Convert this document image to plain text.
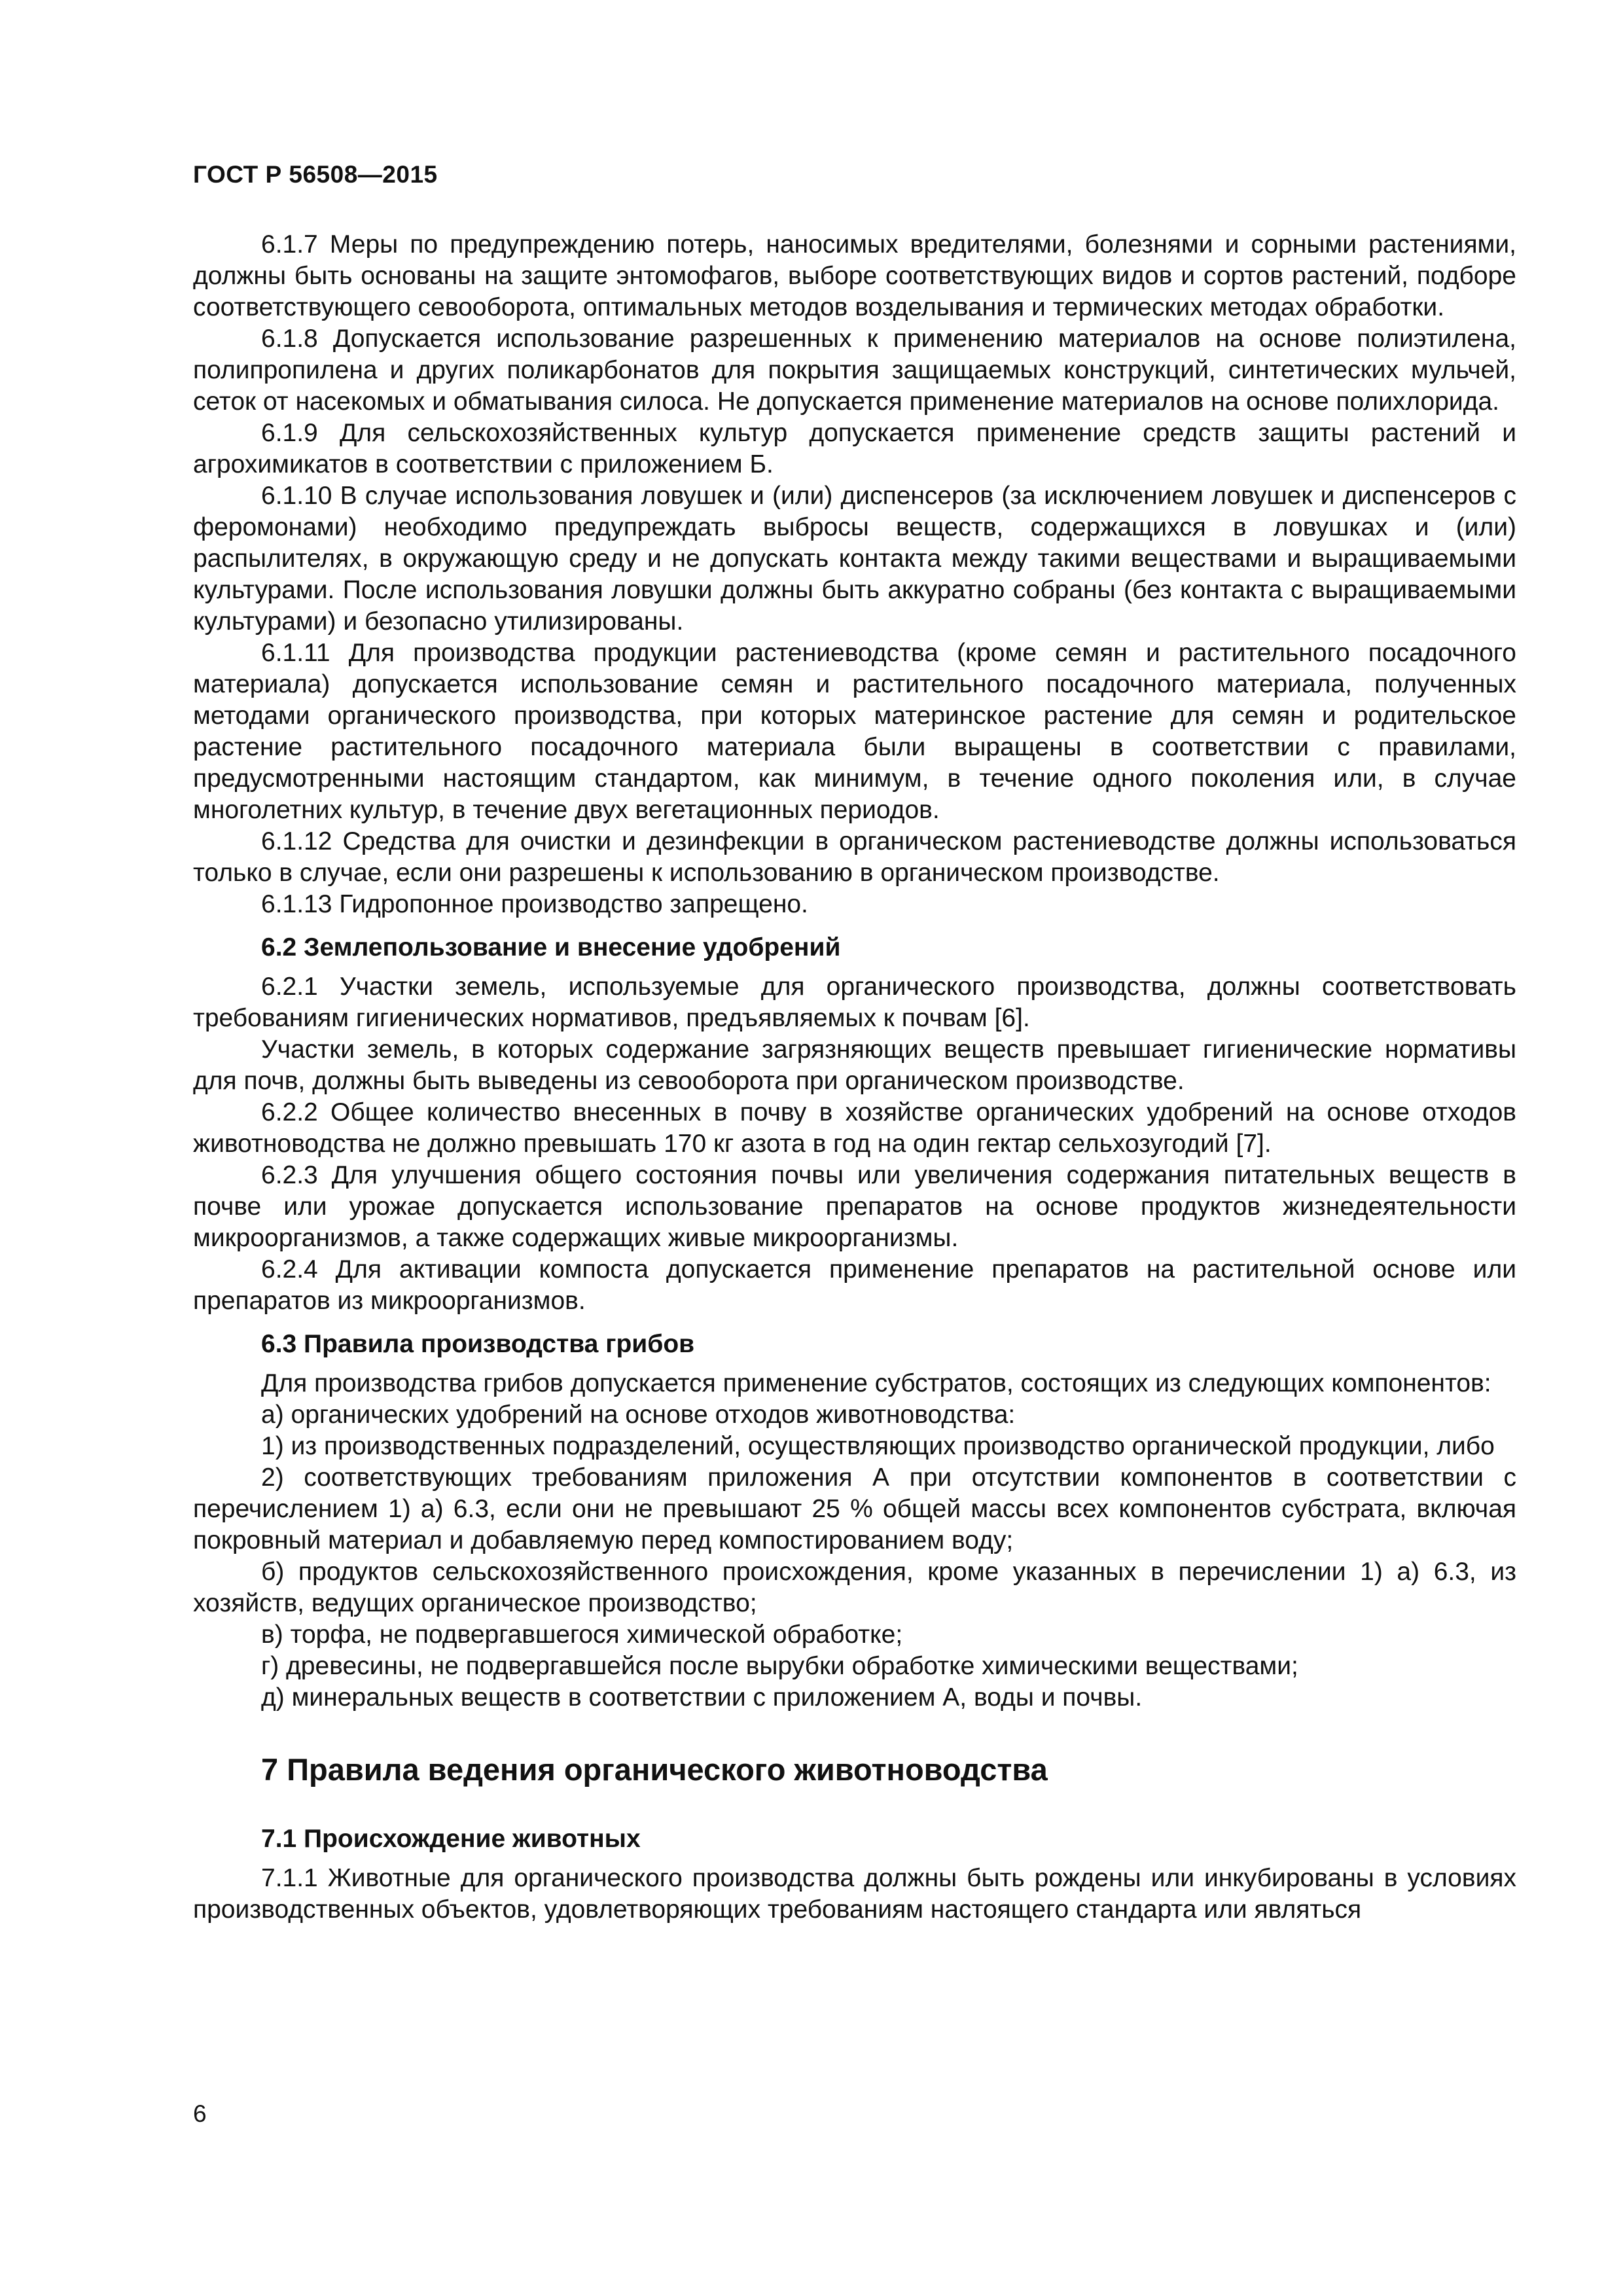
ГОСТ Р 56508—2015

6.1.7 Меры по предупреждению потерь, наносимых вредителями, болезнями и сорными растениями, должны быть основаны на защите энтомофагов, выборе соответствующих видов и сортов растений, подборе соответствующего севооборота, оптимальных методов возделывания и термических методах обработки.

6.1.8 Допускается использование разрешенных к применению материалов на основе полиэтилена, полипропилена и других поликарбонатов для покрытия защищаемых конструкций, синтетических мульчей, сеток от насекомых и обматывания силоса. Не допускается применение материалов на основе полихлорида.

6.1.9 Для сельскохозяйственных культур допускается применение средств защиты растений и агрохимикатов в соответствии с приложением Б.

6.1.10 В случае использования ловушек и (или) диспенсеров (за исключением ловушек и диспенсеров с феромонами) необходимо предупреждать выбросы веществ, содержащихся в ловушках и (или) распылителях, в окружающую среду и не допускать контакта между такими веществами и выращиваемыми культурами. После использования ловушки должны быть аккуратно собраны (без контакта с выращиваемыми культурами) и безопасно утилизированы.

6.1.11 Для производства продукции растениеводства (кроме семян и растительного посадочного материала) допускается использование семян и растительного посадочного материала, полученных методами органического производства, при которых материнское растение для семян и родительское растение растительного посадочного материала были выращены в соответствии с правилами, предусмотренными настоящим стандартом, как минимум, в течение одного поколения или, в случае многолетних культур, в течение двух вегетационных периодов.

6.1.12 Средства для очистки и дезинфекции в органическом растениеводстве должны использоваться только в случае, если они разрешены к использованию в органическом производстве.

6.1.13 Гидропонное производство запрещено.

6.2 Землепользование и внесение удобрений

6.2.1 Участки земель, используемые для органического производства, должны соответствовать требованиям гигиенических нормативов, предъявляемых к почвам [6].

Участки земель, в которых содержание загрязняющих веществ превышает гигиенические нормативы для почв, должны быть выведены из севооборота при органическом производстве.

6.2.2 Общее количество внесенных в почву в хозяйстве органических удобрений на основе отходов животноводства не должно превышать 170 кг азота в год на один гектар сельхозугодий [7].

6.2.3 Для улучшения общего состояния почвы или увеличения содержания питательных веществ в почве или урожае допускается использование препаратов на основе продуктов жизнедеятельности микроорганизмов, а также содержащих живые микроорганизмы.

6.2.4 Для активации компоста допускается применение препаратов на растительной основе или препаратов из микроорганизмов.

6.3 Правила производства грибов

Для производства грибов допускается применение субстратов, состоящих из следующих компонентов:

а) органических удобрений на основе отходов животноводства:

1) из производственных подразделений, осуществляющих производство органической продукции, либо

2) соответствующих требованиям приложения А при отсутствии компонентов в соответствии с перечислением 1) а) 6.3, если они не превышают 25 % общей массы всех компонентов субстрата, включая покровный материал и добавляемую перед компостированием воду;

б) продуктов сельскохозяйственного происхождения, кроме указанных в перечислении 1) а) 6.3, из хозяйств, ведущих органическое производство;

в) торфа, не подвергавшегося химической обработке;

г) древесины, не подвергавшейся после вырубки обработке химическими веществами;

д) минеральных веществ в соответствии с приложением А, воды и почвы.

7 Правила ведения органического животноводства
7.1 Происхождение животных

7.1.1 Животные для органического производства должны быть рождены или инкубированы в условиях производственных объектов, удовлетворяющих требованиям настоящего стандарта или являться

6
